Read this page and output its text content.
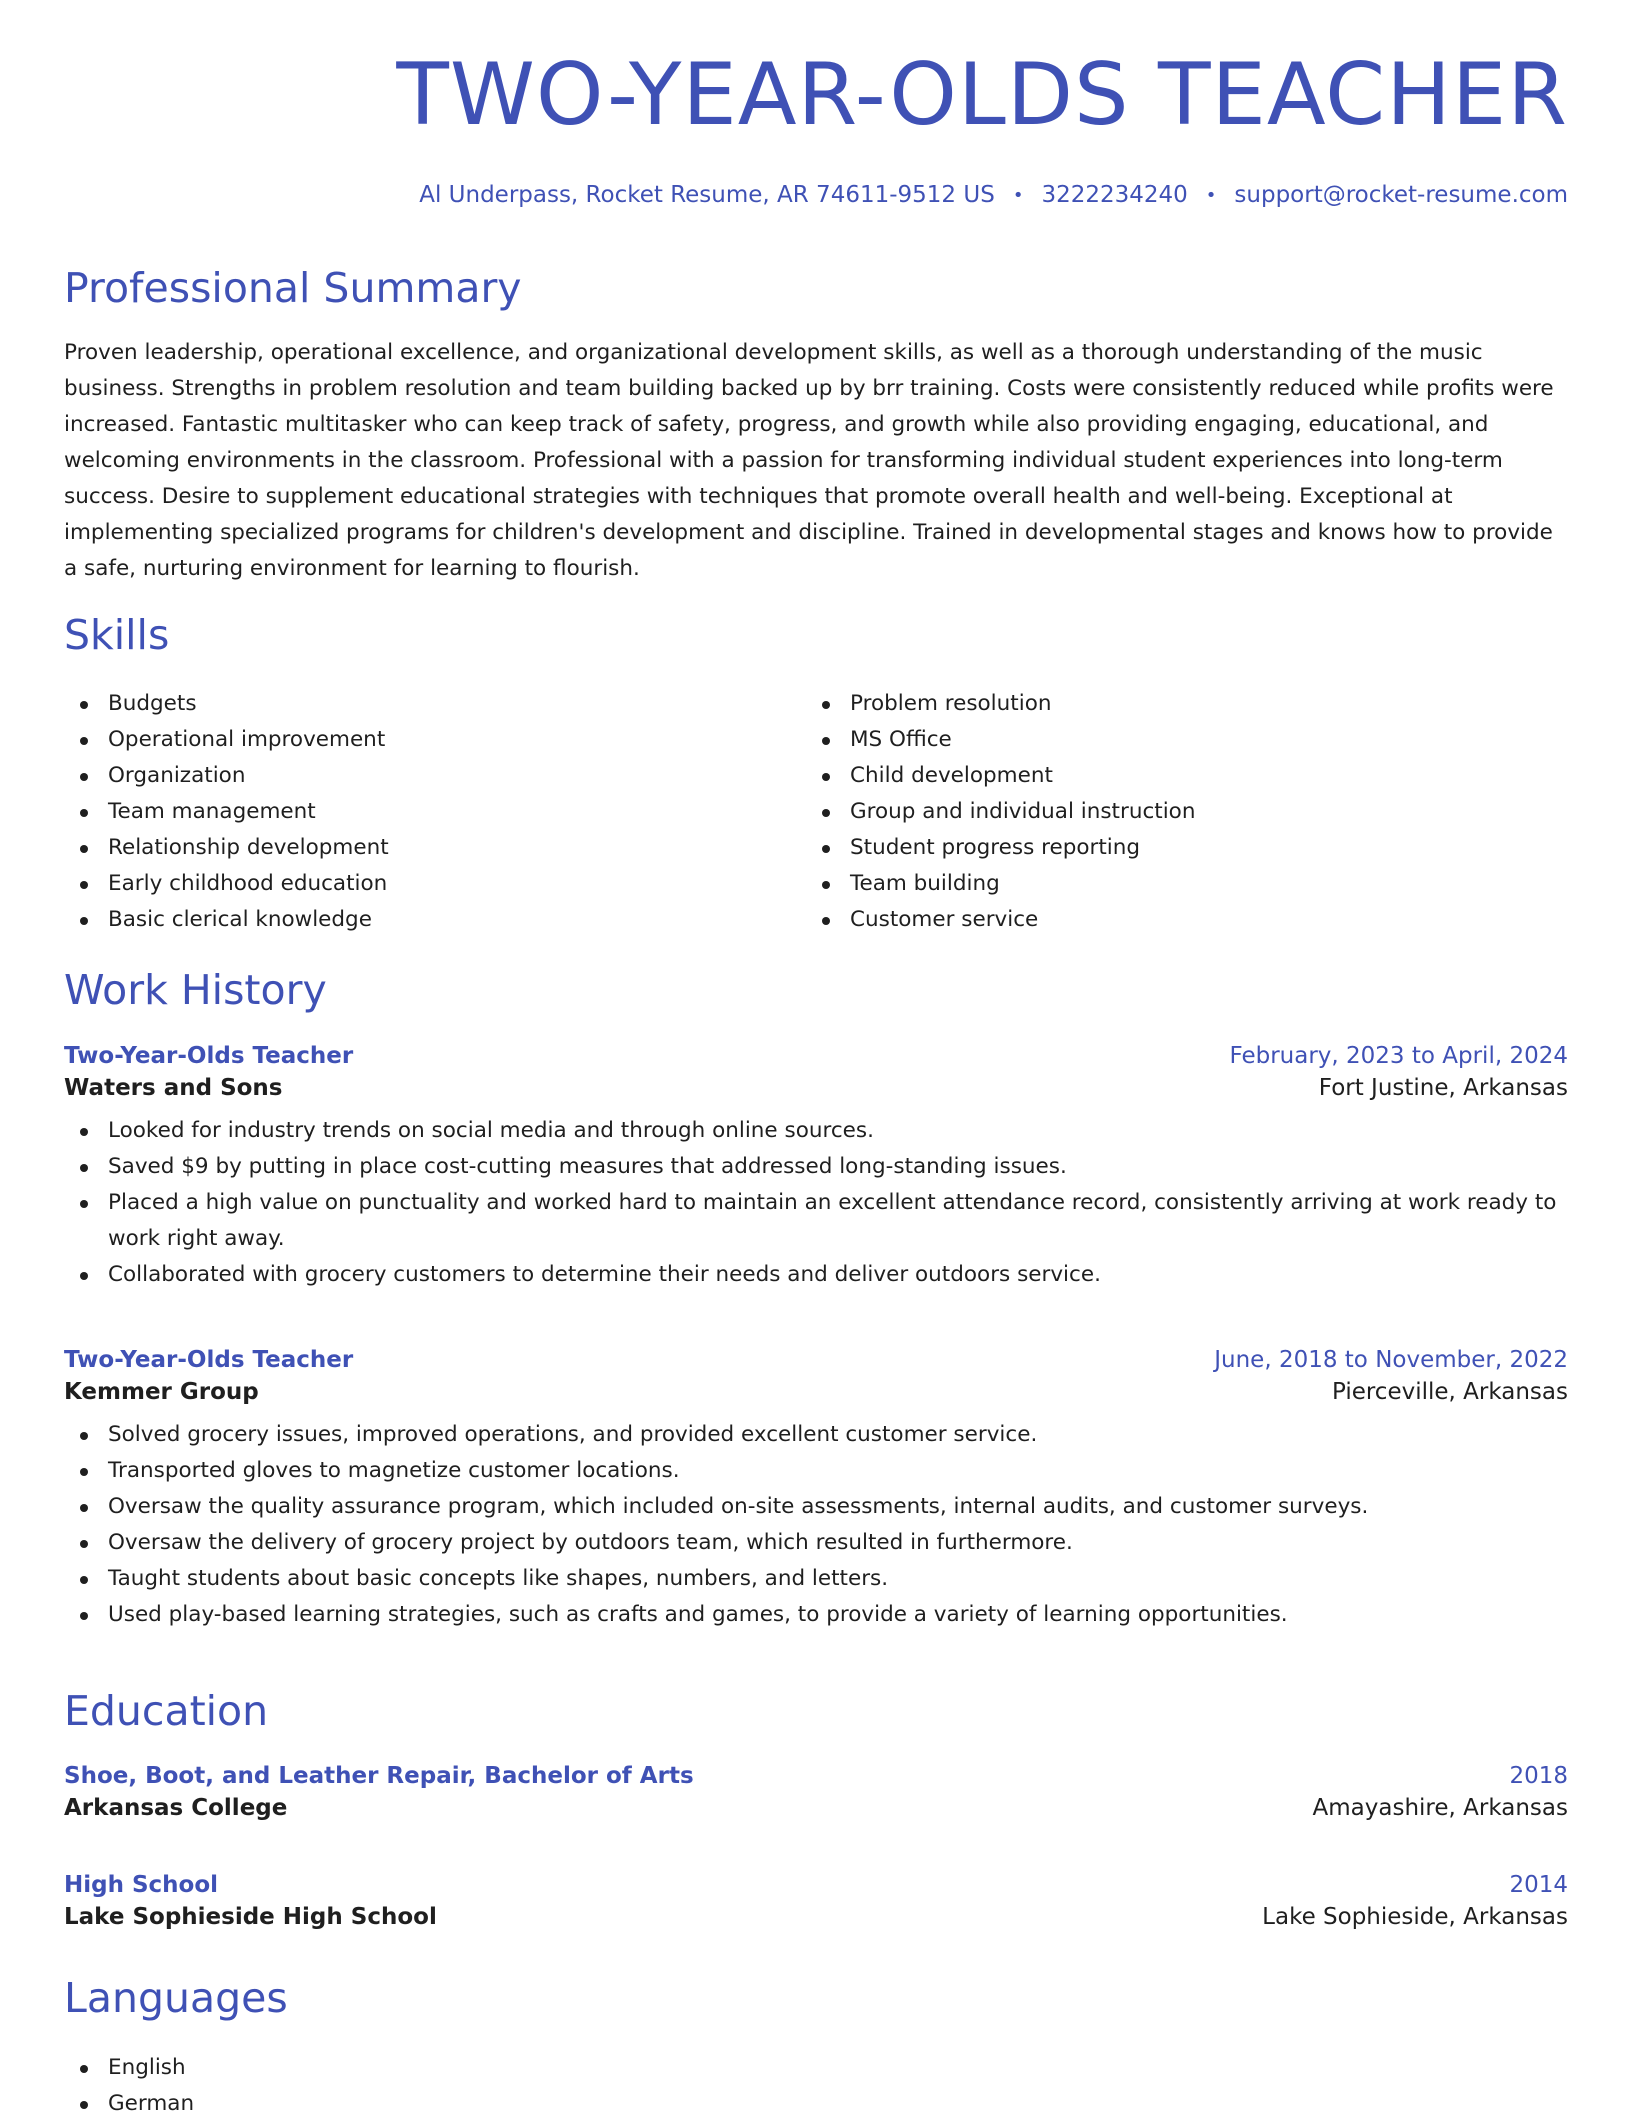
TWO-YEAR-OLDS TEACHER
Al Underpass, Rocket Resume, AR 74611-9512 US • 3222234240 • support@rocket-resume.com
Professional Summary

Proven leadership, operational excellence, and organizational development skills, as well as a thorough understanding of the music business. Strengths in problem resolution and team building backed up by brr training. Costs were consistently reduced while profits were increased. Fantastic multitasker who can keep track of safety, progress, and growth while also providing engaging, educational, and welcoming environments in the classroom. Professional with a passion for transforming individual student experiences into long-term success. Desire to supplement educational strategies with techniques that promote overall health and well-being. Exceptional at implementing specialized programs for children's development and discipline. Trained in developmental stages and knows how to provide a safe, nurturing environment for learning to flourish.

Skills
Budgets
Operational improvement
Organization
Team management
Relationship development
Early childhood education
Basic clerical knowledge
Problem resolution
MS Office
Child development
Group and individual instruction
Student progress reporting
Team building
Customer service
Work History
Two-Year-Olds Teacher	February, 2023 to April, 2024
Waters and Sons	Fort Justine, Arkansas
Looked for industry trends on social media and through online sources.
Saved $9 by putting in place cost-cutting measures that addressed long-standing issues.
Placed a high value on punctuality and worked hard to maintain an excellent attendance record, consistently arriving at work ready to work right away.
Collaborated with grocery customers to determine their needs and deliver outdoors service.
Two-Year-Olds Teacher	June, 2018 to November, 2022
Kemmer Group	Pierceville, Arkansas
Solved grocery issues, improved operations, and provided excellent customer service.
Transported gloves to magnetize customer locations.
Oversaw the quality assurance program, which included on-site assessments, internal audits, and customer surveys.
Oversaw the delivery of grocery project by outdoors team, which resulted in furthermore.
Taught students about basic concepts like shapes, numbers, and letters.
Used play-based learning strategies, such as crafts and games, to provide a variety of learning opportunities.
Education
Shoe, Boot, and Leather Repair, Bachelor of Arts	2018
Arkansas College	Amayashire, Arkansas
High School	2014
Lake Sophieside High School	Lake Sophieside, Arkansas
Languages
English
German
